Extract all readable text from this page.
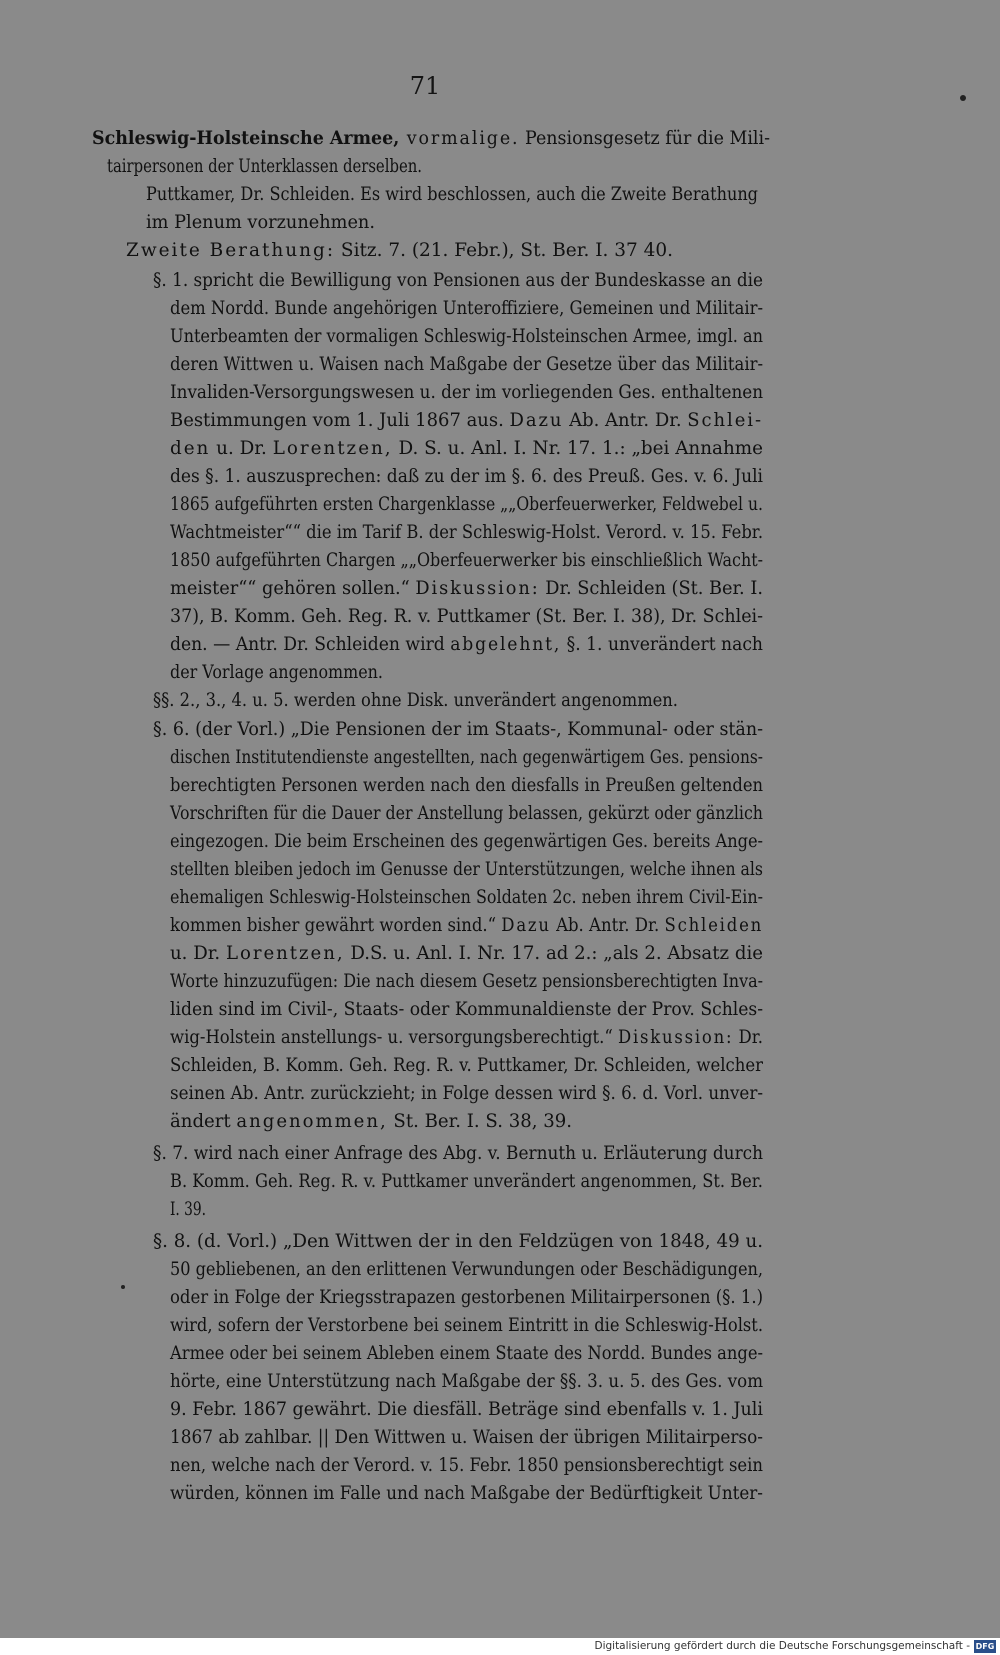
71
Schleswig-Holsteinsche Armee, vormalige. Pensionsgesetz für die Mili-
tairpersonen der Unterklassen derselben.
Puttkamer, Dr. Schleiden. Es wird beschlossen, auch die Zweite Berathung
im Plenum vorzunehmen.
Zweite Berathung: Sitz. 7. (21. Febr.), St. Ber. I. 37 40.
§. 1. spricht die Bewilligung von Pensionen aus der Bundeskasse an die
dem Nordd. Bunde angehörigen Unteroffiziere, Gemeinen und Militair-
Unterbeamten der vormaligen Schleswig-Holsteinschen Armee, imgl. an
deren Wittwen u. Waisen nach Maßgabe der Gesetze über das Militair-
Invaliden-Versorgungswesen u. der im vorliegenden Ges. enthaltenen
Bestimmungen vom 1. Juli 1867 aus. Dazu Ab. Antr. Dr. Schlei-
den u. Dr. Lorentzen, D. S. u. Anl. I. Nr. 17. 1.: „bei Annahme
des §. 1. auszusprechen: daß zu der im §. 6. des Preuß. Ges. v. 6. Juli
1865 aufgeführten ersten Chargenklasse „„Oberfeuerwerker, Feldwebel u.
Wachtmeister““ die im Tarif B. der Schleswig-Holst. Verord. v. 15. Febr.
1850 aufgeführten Chargen „„Oberfeuerwerker bis einschließlich Wacht-
meister““ gehören sollen.“ Diskussion: Dr. Schleiden (St. Ber. I.
37), B. Komm. Geh. Reg. R. v. Puttkamer (St. Ber. I. 38), Dr. Schlei-
den. — Antr. Dr. Schleiden wird abgelehnt, §. 1. unverändert nach
der Vorlage angenommen.
§§. 2., 3., 4. u. 5. werden ohne Disk. unverändert angenommen.
§. 6. (der Vorl.) „Die Pensionen der im Staats-, Kommunal- oder stän-
dischen Institutendienste angestellten, nach gegenwärtigem Ges. pensions-
berechtigten Personen werden nach den diesfalls in Preußen geltenden
Vorschriften für die Dauer der Anstellung belassen, gekürzt oder gänzlich
eingezogen. Die beim Erscheinen des gegenwärtigen Ges. bereits Ange-
stellten bleiben jedoch im Genusse der Unterstützungen, welche ihnen als
ehemaligen Schleswig-Holsteinschen Soldaten 2c. neben ihrem Civil-Ein-
kommen bisher gewährt worden sind.“ Dazu Ab. Antr. Dr. Schleiden
u. Dr. Lorentzen, D.S. u. Anl. I. Nr. 17. ad 2.: „als 2. Absatz die
Worte hinzuzufügen: Die nach diesem Gesetz pensionsberechtigten Inva-
liden sind im Civil-, Staats- oder Kommunaldienste der Prov. Schles-
wig-Holstein anstellungs- u. versorgungsberechtigt.“ Diskussion: Dr.
Schleiden, B. Komm. Geh. Reg. R. v. Puttkamer, Dr. Schleiden, welcher
seinen Ab. Antr. zurückzieht; in Folge dessen wird §. 6. d. Vorl. unver-
ändert angenommen, St. Ber. I. S. 38, 39.
§. 7. wird nach einer Anfrage des Abg. v. Bernuth u. Erläuterung durch
B. Komm. Geh. Reg. R. v. Puttkamer unverändert angenommen, St. Ber.
I. 39.
§. 8. (d. Vorl.) „Den Wittwen der in den Feldzügen von 1848, 49 u.
50 gebliebenen, an den erlittenen Verwundungen oder Beschädigungen,
oder in Folge der Kriegsstrapazen gestorbenen Militairpersonen (§. 1.)
wird, sofern der Verstorbene bei seinem Eintritt in die Schleswig-Holst.
Armee oder bei seinem Ableben einem Staate des Nordd. Bundes ange-
hörte, eine Unterstützung nach Maßgabe der §§. 3. u. 5. des Ges. vom
9. Febr. 1867 gewährt. Die diesfäll. Beträge sind ebenfalls v. 1. Juli
1867 ab zahlbar. || Den Wittwen u. Waisen der übrigen Militairperso-
nen, welche nach der Verord. v. 15. Febr. 1850 pensionsberechtigt sein
würden, können im Falle und nach Maßgabe der Bedürftigkeit Unter-
Digitalisierung gefördert durch die Deutsche Forschungsgemeinschaft - DFG
